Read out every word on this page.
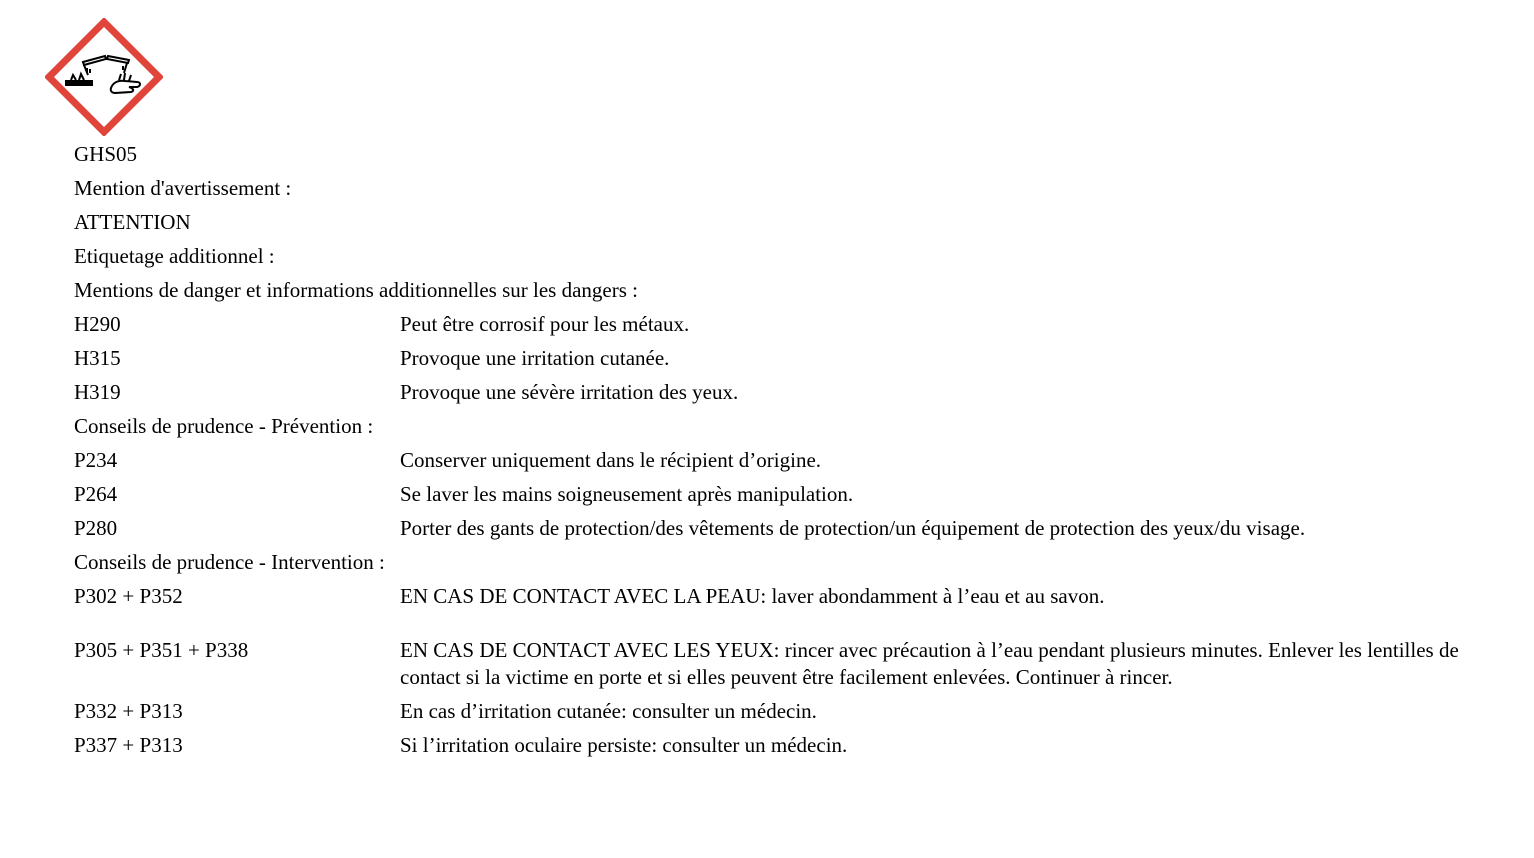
GHS05
Mention d'avertissement :
ATTENTION
Etiquetage additionnel :
Mentions de danger et informations additionnelles sur les dangers :
H290	Peut être corrosif pour les métaux.
H315	Provoque une irritation cutanée.
H319	Provoque une sévère irritation des yeux.
Conseils de prudence - Prévention :
P234	Conserver uniquement dans le récipient d’origine.
P264	Se laver les mains soigneusement après manipulation.
P280	Porter des gants de protection/des vêtements de protection/un équipement de protection des yeux/du visage.
Conseils de prudence - Intervention :
P302 + P352	EN CAS DE CONTACT AVEC LA PEAU: laver abondamment à l’eau et au savon.
P305 + P351 + P338	EN CAS DE CONTACT AVEC LES YEUX: rincer avec précaution à l’eau pendant plusieurs minutes. Enlever les lentilles de contact si la victime en porte et si elles peuvent être facilement enlevées. Continuer à rincer.
P332 + P313	En cas d’irritation cutanée: consulter un médecin.
P337 + P313	Si l’irritation oculaire persiste: consulter un médecin.
